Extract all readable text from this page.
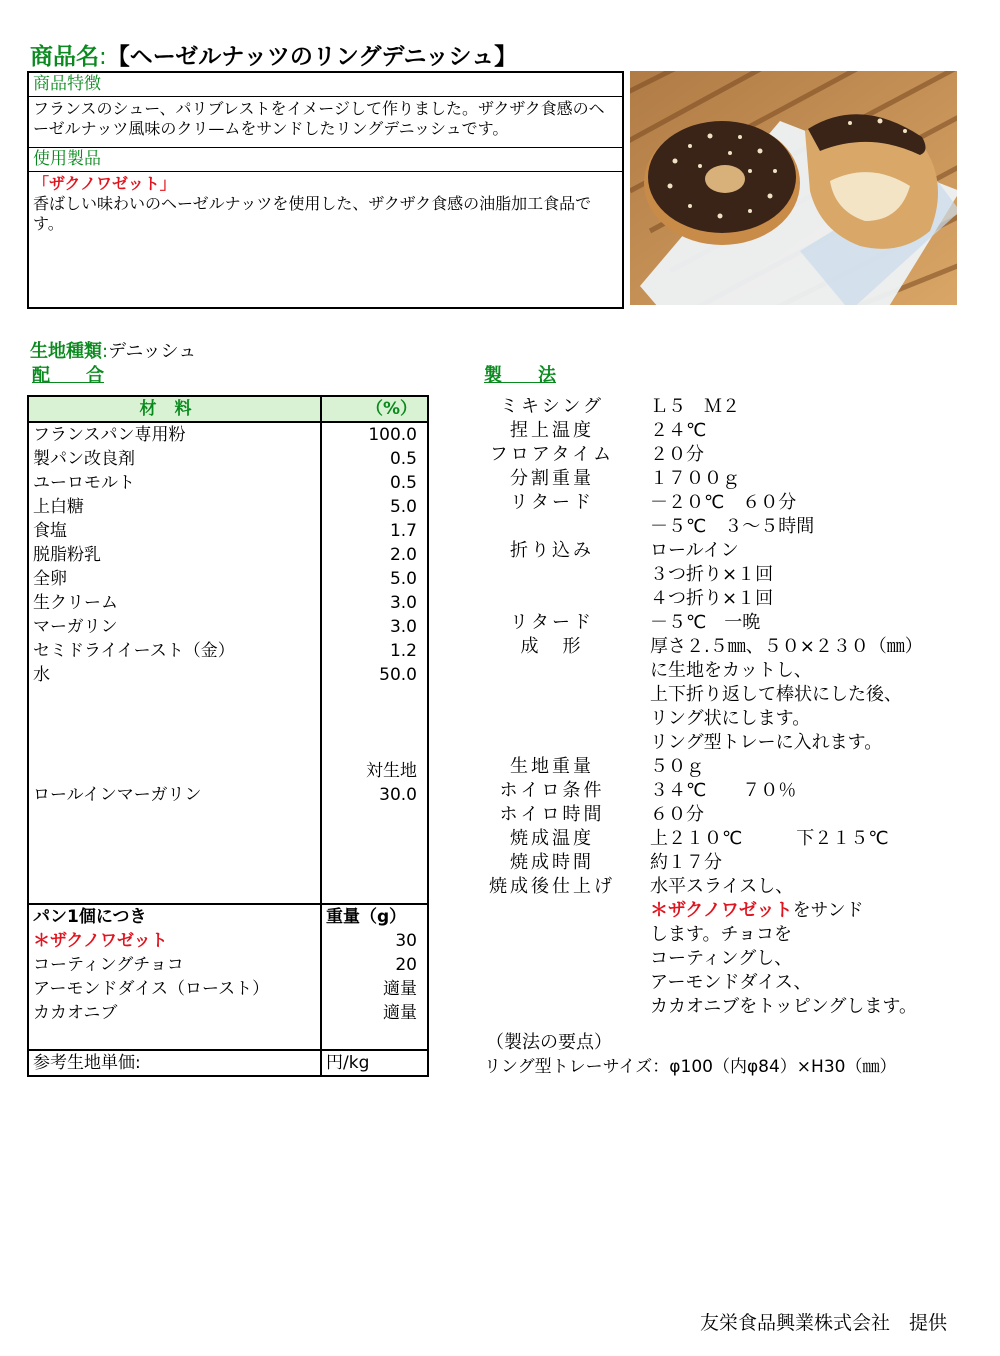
商品名:【ヘーゼルナッツのリングデニッシュ】
商品特徴
フランスのシュー、パリブレストをイメージして作りました。ザクザク食感のヘーゼルナッツ風味のクリ—ムをサンドしたリングデニッシュです。
使用製品
「ザクノワゼット」
香ばしい味わいのヘーゼルナッツを使用した、ザクザク食感の油脂加工食品です。
生地種類:デニッシュ
配　　合	製　　法
材料	（%）
フランスパン専用粉	100.0
製パン改良剤	0.5
ユーロモルト	0.5
上白糖	5.0
食塩	1.7
脱脂粉乳	2.0
全卵	5.0
生クリーム	3.0
マーガリン	3.0
セミドライイースト（金）	1.2
水	50.0

	対生地
ロールインマーガリン	30.0

パン1個につき	重量（g）
＊ザクノワゼット	30
コーティングチョコ	20
アーモンドダイス（ロースト）	適量
カカオニブ	適量

参考生地単価:	円/kg
ミキシング	Ｌ５　Ｍ２
捏上温度	２４℃
フロアタイム	２０分
分割重量	１７００ｇ
リタード	－２０℃　６０分
－５℃　３～５時間
折り込み	ロールイン
３つ折り×１回
４つ折り×１回
リタード	－５℃　一晩
成　形	厚さ２.５㎜、５０×２３０（㎜）
に生地をカットし、
上下折り返して棒状にした後、
リング状にします。
リング型トレーに入れます。
生地重量	５０ｇ
ホイロ条件	３４℃　　７０％
ホイロ時間	６０分
焼成温度	上２１０℃　　　下２１５℃
焼成時間	約１７分
焼成後仕上げ	水平スライスし、
＊ザクノワゼットをサンド
します。チョコを
コーティングし、
アーモンドダイス、
カカオニブをトッピングします。
（製法の要点）
リング型トレーサイズ：φ100（内φ84）×H30（㎜）
友栄食品興業株式会社　提供
